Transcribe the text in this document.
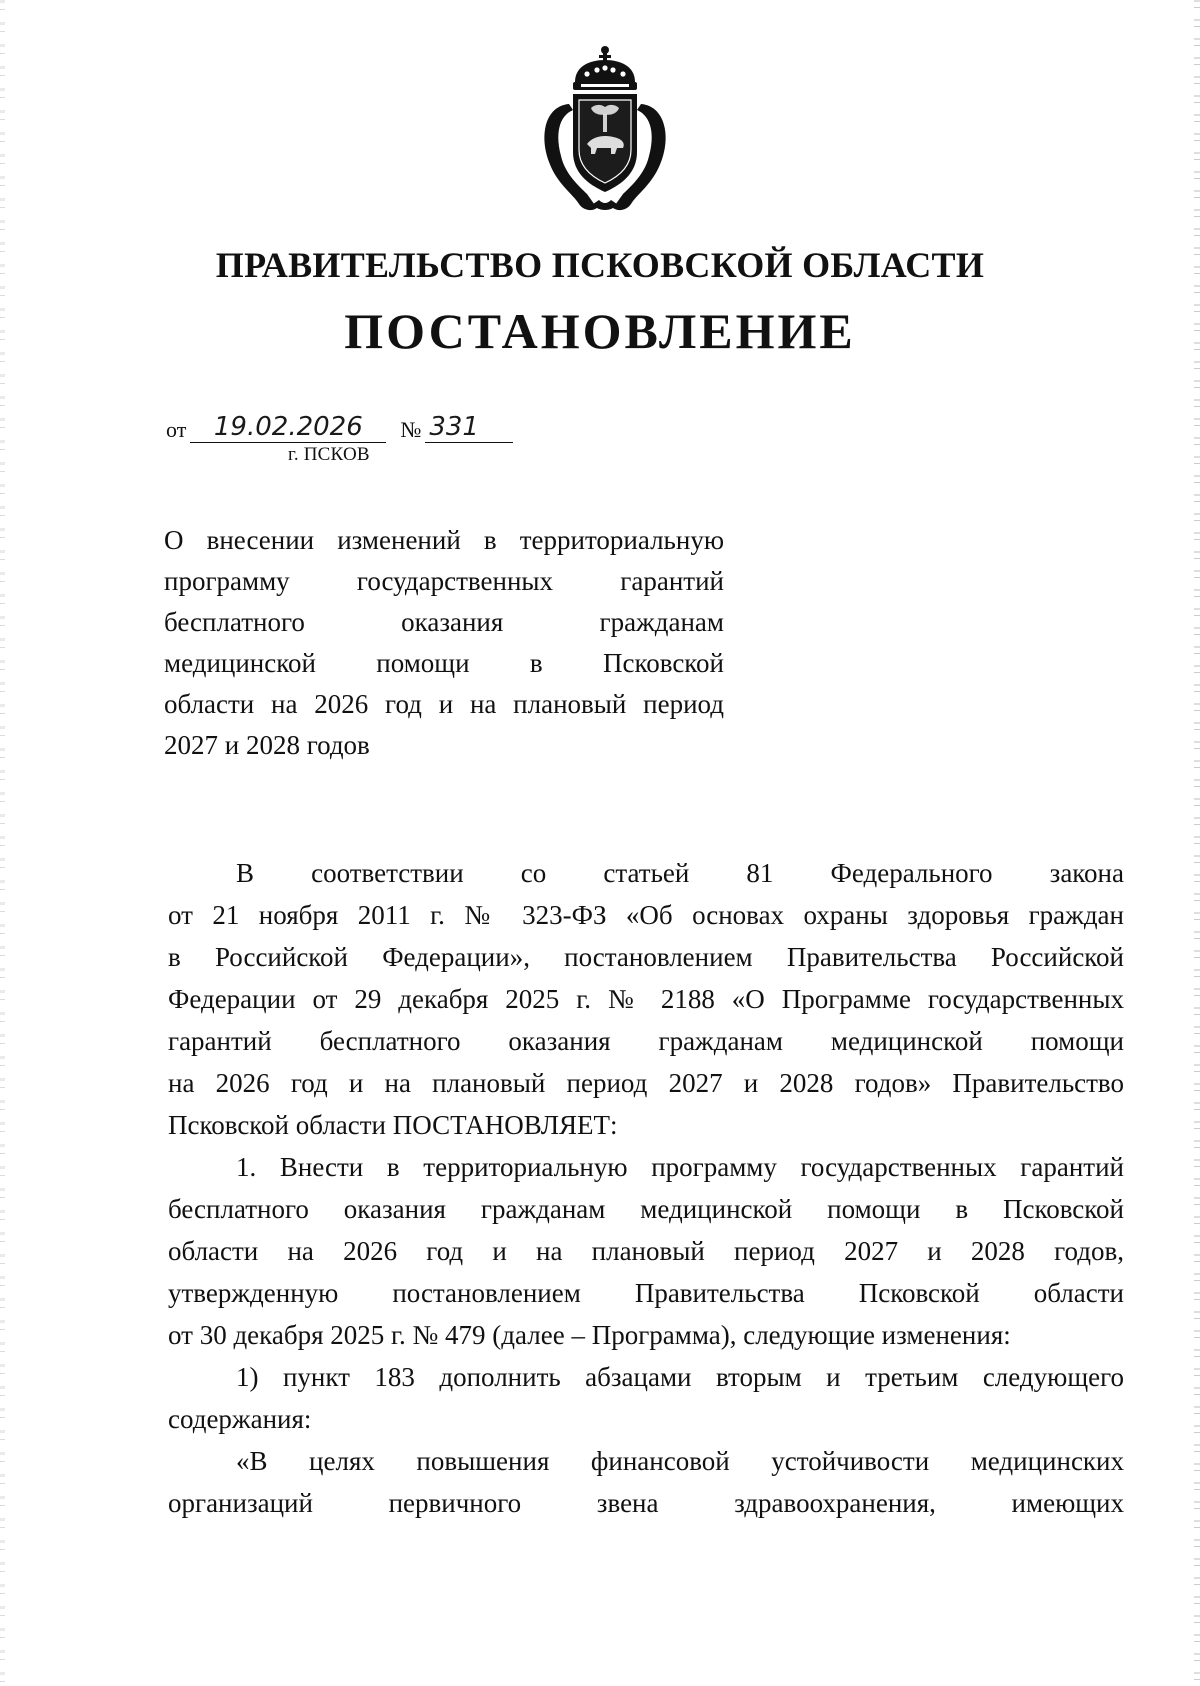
ПРАВИТЕЛЬСТВО ПСКОВСКОЙ ОБЛАСТИ
ПОСТАНОВЛЕНИЕ
от	19.02.2026	№ 331
г. ПСКОВ
О внесении изменений в территориальную
программу государственных гарантий
бесплатного оказания гражданам
медицинской помощи в Псковской
области на 2026 год и на плановый период
2027 и 2028 годов
В соответствии со статьей 81 Федерального закона
от 21 ноября 2011 г. № 323-ФЗ «Об основах охраны здоровья граждан
в Российской Федерации», постановлением Правительства Российской
Федерации от 29 декабря 2025 г. № 2188 «О Программе государственных
гарантий бесплатного оказания гражданам медицинской помощи
на 2026 год и на плановый период 2027 и 2028 годов» Правительство
Псковской области ПОСТАНОВЛЯЕТ:
1. Внести в территориальную программу государственных гарантий
бесплатного оказания гражданам медицинской помощи в Псковской
области на 2026 год и на плановый период 2027 и 2028 годов,
утвержденную постановлением Правительства Псковской области
от 30 декабря 2025 г. № 479 (далее – Программа), следующие изменения:
1) пункт 183 дополнить абзацами вторым и третьим следующего
содержания:
«В целях повышения финансовой устойчивости медицинских
организаций первичного звена здравоохранения, имеющих
